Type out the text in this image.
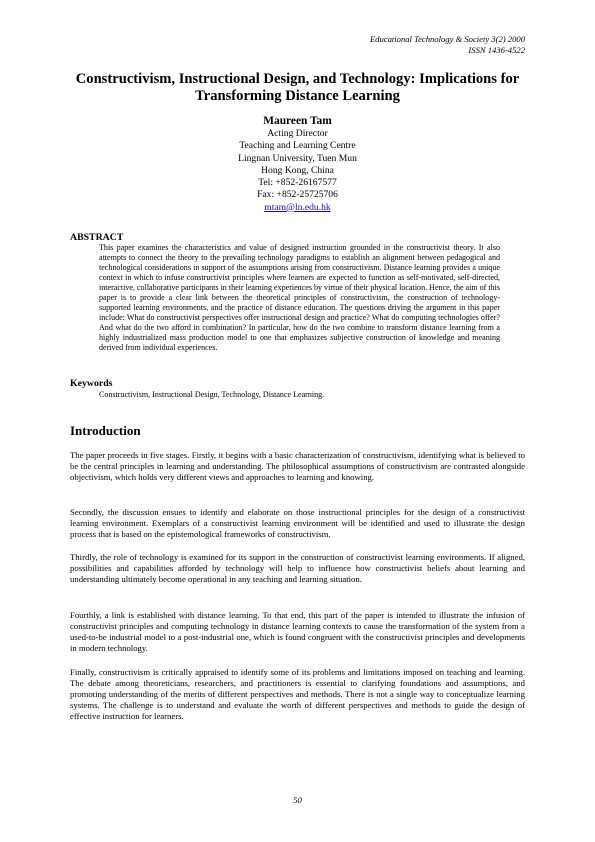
Educational Technology & Society 3(2) 2000
ISSN 1436-4522
Constructivism, Instructional Design, and Technology: Implications for Transforming Distance Learning
Maureen Tam
Acting Director
Teaching and Learning Centre
Lingnan University, Tuen Mun
Hong Kong, China
Tel: +852-26167577
Fax: +852-25725706
mtam@ln.edu.hk
ABSTRACT
This paper examines the characteristics and value of designed instruction grounded in the constructivist theory. It also attempts to connect the theory to the prevailing technology paradigms to establish an alignment between pedagogical and technological considerations in support of the assumptions arising from constructivism. Distance learning provides a unique context in which to infuse constructivist principles where learners are expected to function as self-motivated, self-directed, interactive, collaborative participants in their learning experiences by virtue of their physical location. Hence, the aim of this paper is to provide a clear link between the theoretical principles of constructivism, the construction of technology-supported learning environments, and the practice of distance education. The questions driving the argument in this paper include: What do constructivist perspectives offer instructional design and practice? What do computing technologies offer? And what do the two afford in combination? In particular, how do the two combine to transform distance learning from a highly industrialized mass production model to one that emphasizes subjective construction of knowledge and meaning derived from individual experiences.
Keywords
Constructivism, Instructional Design, Technology, Distance Learning.
Introduction
The paper proceeds in five stages. Firstly, it begins with a basic characterization of constructivism, identifying what is believed to be the central principles in learning and understanding. The philosophical assumptions of constructivism are contrasted alongside objectivism, which holds very different views and approaches to learning and knowing.
Secondly, the discussion ensues to identify and elaborate on those instructional principles for the design of a constructivist learning environment. Exemplars of a constructivist learning environment will be identified and used to illustrate the design process that is based on the epistemological frameworks of constructivism.
Thirdly, the role of technology is examined for its support in the construction of constructivist learning environments. If aligned, possibilities and capabilities afforded by technology will help to influence how constructivist beliefs about learning and understanding ultimately become operational in any teaching and learning situation.
Fourthly, a link is established with distance learning. To that end, this part of the paper is intended to illustrate the infusion of constructivist principles and computing technology in distance learning contexts to cause the transformation of the system from a used-to-be industrial model to a post-industrial one, which is found congruent with the constructivist principles and developments in modern technology.
Finally, constructivism is critically appraised to identify some of its problems and limitations imposed on teaching and learning. The debate among theoreticians, researchers, and practitioners is essential to clarifying foundations and assumptions, and promoting understanding of the merits of different perspectives and methods. There is not a single way to conceptualize learning systems. The challenge is to understand and evaluate the worth of different perspectives and methods to guide the design of effective instruction for learners.
50
